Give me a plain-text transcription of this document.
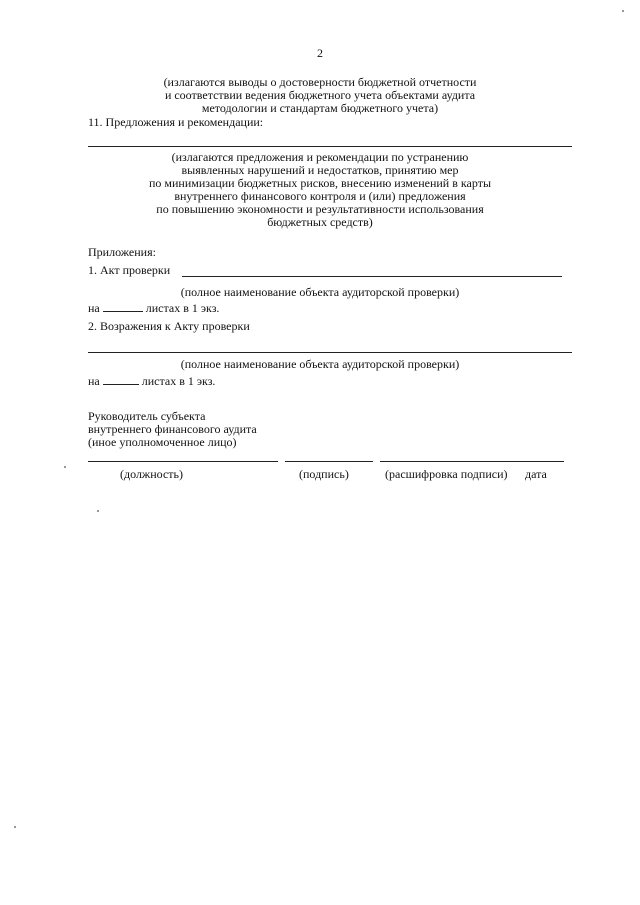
2
(излагаются выводы о достоверности бюджетной отчетности
и соответствии ведения бюджетного учета объектами аудита
методологии и стандартам бюджетного учета)
11. Предложения и рекомендации:
(излагаются предложения и рекомендации по устранению
выявленных нарушений и недостатков, принятию мер
по минимизации бюджетных рисков, внесению изменений в карты
внутреннего финансового контроля и (или) предложения
по повышению экономности и результативности использования
бюджетных средств)
Приложения:
1. Акт проверки
(полное наименование объекта аудиторской проверки)
на	листах в 1 экз.
2. Возражения к Акту проверки
(полное наименование объекта аудиторской проверки)
на	листах в 1 экз.
Руководитель субъекта
внутреннего финансового аудита
(иное уполномоченное лицо)
(должность)	(подпись)	(расшифровка подписи) дата
